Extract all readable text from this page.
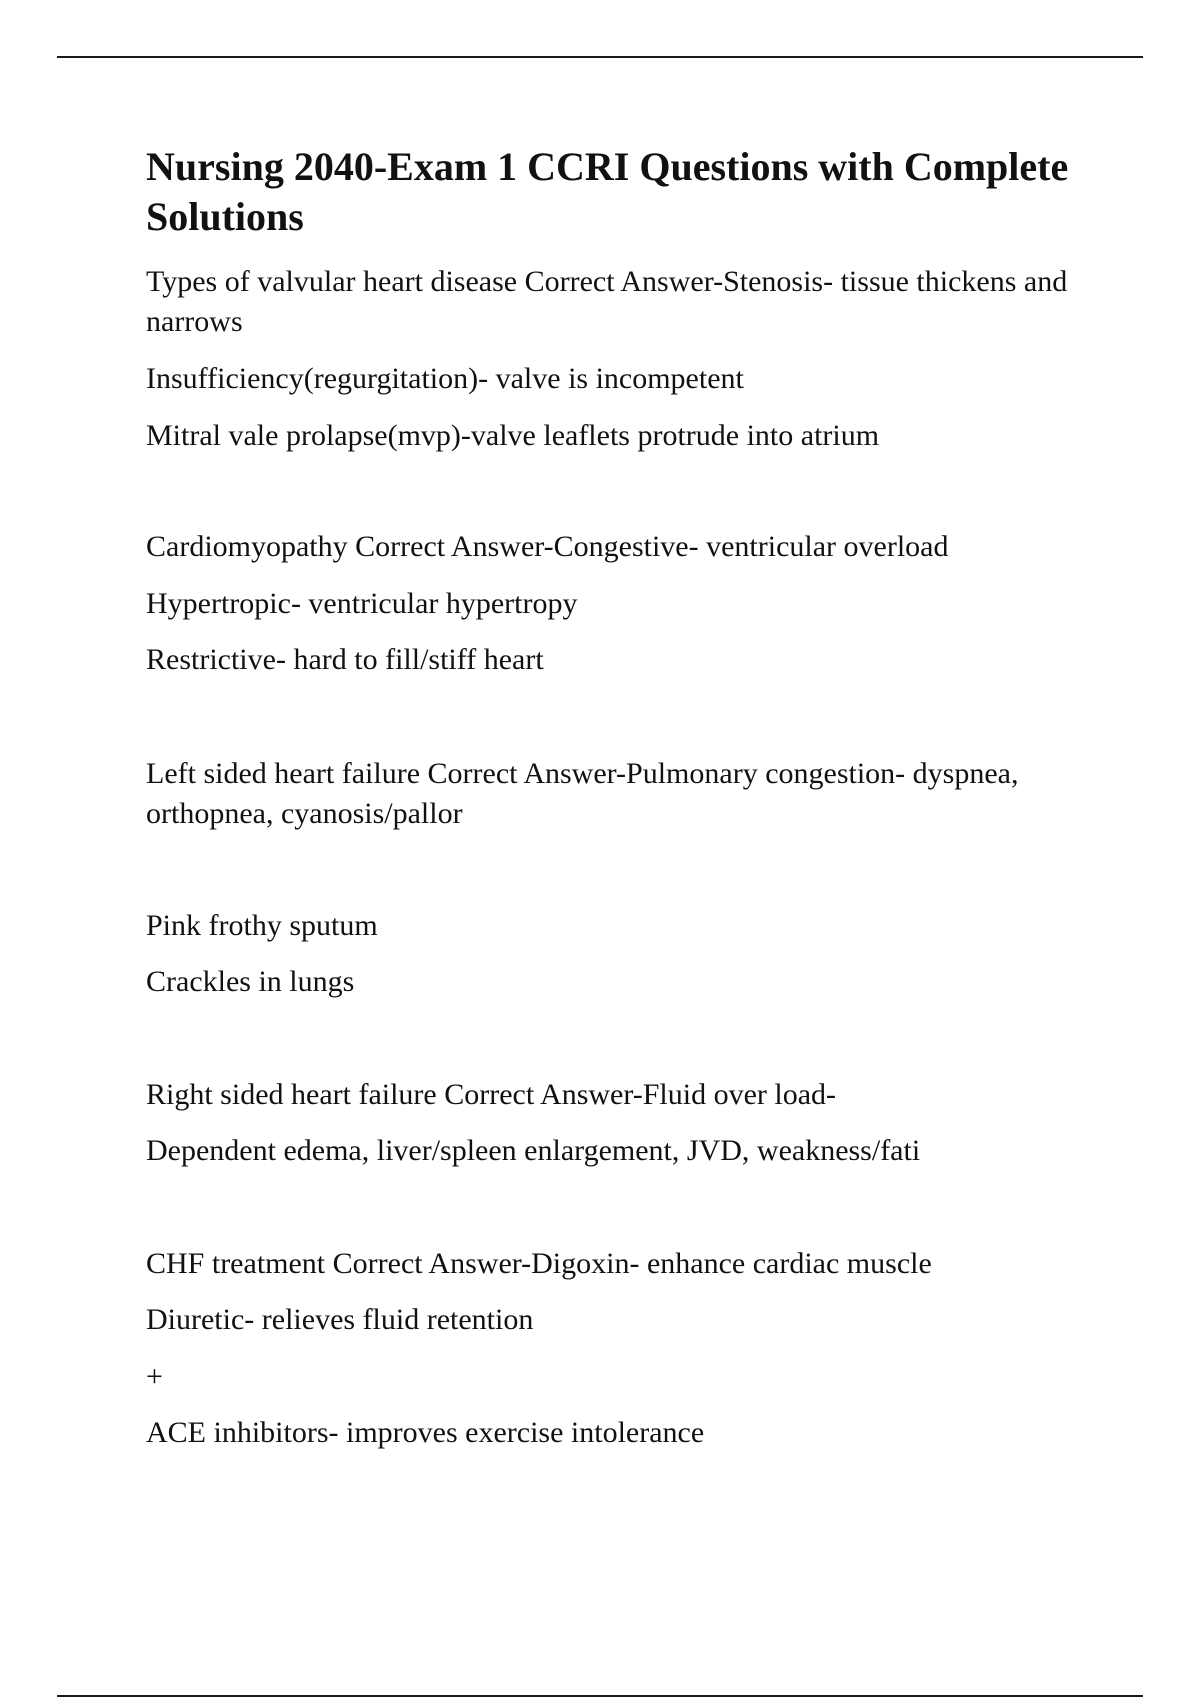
Nursing 2040-Exam 1 CCRI Questions with Complete Solutions

Types of valvular heart disease Correct Answer-Stenosis- tissue thickens and narrows

Insufficiency(regurgitation)- valve is incompetent

Mitral vale prolapse(mvp)-valve leaflets protrude into atrium

Cardiomyopathy Correct Answer-Congestive- ventricular overload

Hypertropic- ventricular hypertropy

Restrictive- hard to fill/stiff heart

Left sided heart failure Correct Answer-Pulmonary congestion- dyspnea, orthopnea, cyanosis/pallor

Pink frothy sputum

Crackles in lungs

Right sided heart failure Correct Answer-Fluid over load-

Dependent edema, liver/spleen enlargement, JVD, weakness/fati

CHF treatment Correct Answer-Digoxin- enhance cardiac muscle

Diuretic- relieves fluid retention

+

ACE inhibitors- improves exercise intolerance
